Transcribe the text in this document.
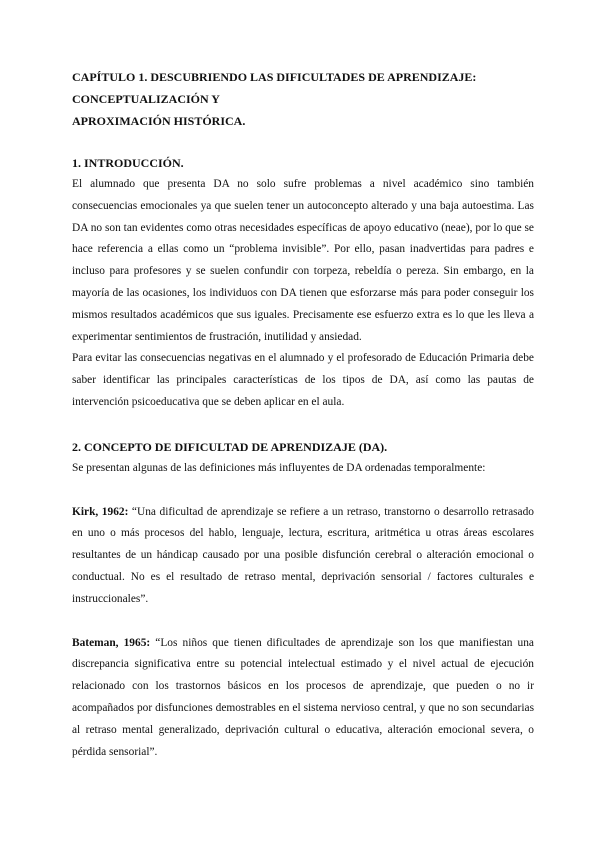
CAPÍTULO 1. DESCUBRIENDO LAS DIFICULTADES DE APRENDIZAJE:
CONCEPTUALIZACIÓN Y
APROXIMACIÓN HISTÓRICA.
1. INTRODUCCIÓN.

El alumnado que presenta DA no solo sufre problemas a nivel académico sino también consecuencias emocionales ya que suelen tener un autoconcepto alterado y una baja autoestima. Las DA no son tan evidentes como otras necesidades específicas de apoyo educativo (neae), por lo que se hace referencia a ellas como un “problema invisible”. Por ello, pasan inadvertidas para padres e incluso para profesores y se suelen confundir con torpeza, rebeldía o pereza. Sin embargo, en la mayoría de las ocasiones, los individuos con DA tienen que esforzarse más para poder conseguir los mismos resultados académicos que sus iguales. Precisamente ese esfuerzo extra es lo que les lleva a experimentar sentimientos de frustración, inutilidad y ansiedad.

Para evitar las consecuencias negativas en el alumnado y el profesorado de Educación Primaria debe saber identificar las principales características de los tipos de DA, así como las pautas de intervención psicoeducativa que se deben aplicar en el aula.

2. CONCEPTO DE DIFICULTAD DE APRENDIZAJE (DA).

Se presentan algunas de las definiciones más influyentes de DA ordenadas temporalmente:

Kirk, 1962: “Una dificultad de aprendizaje se refiere a un retraso, transtorno o desarrollo retrasado en uno o más procesos del hablo, lenguaje, lectura, escritura, aritmética u otras áreas escolares resultantes de un hándicap causado por una posible disfunción cerebral o alteración emocional o conductual. No es el resultado de retraso mental, deprivación sensorial / factores culturales e instruccionales”.

Bateman, 1965: “Los niños que tienen dificultades de aprendizaje son los que manifiestan una discrepancia significativa entre su potencial intelectual estimado y el nivel actual de ejecución relacionado con los trastornos básicos en los procesos de aprendizaje, que pueden o no ir acompañados por disfunciones demostrables en el sistema nervioso central, y que no son secundarias al retraso mental generalizado, deprivación cultural o educativa, alteración emocional severa, o pérdida sensorial”.
